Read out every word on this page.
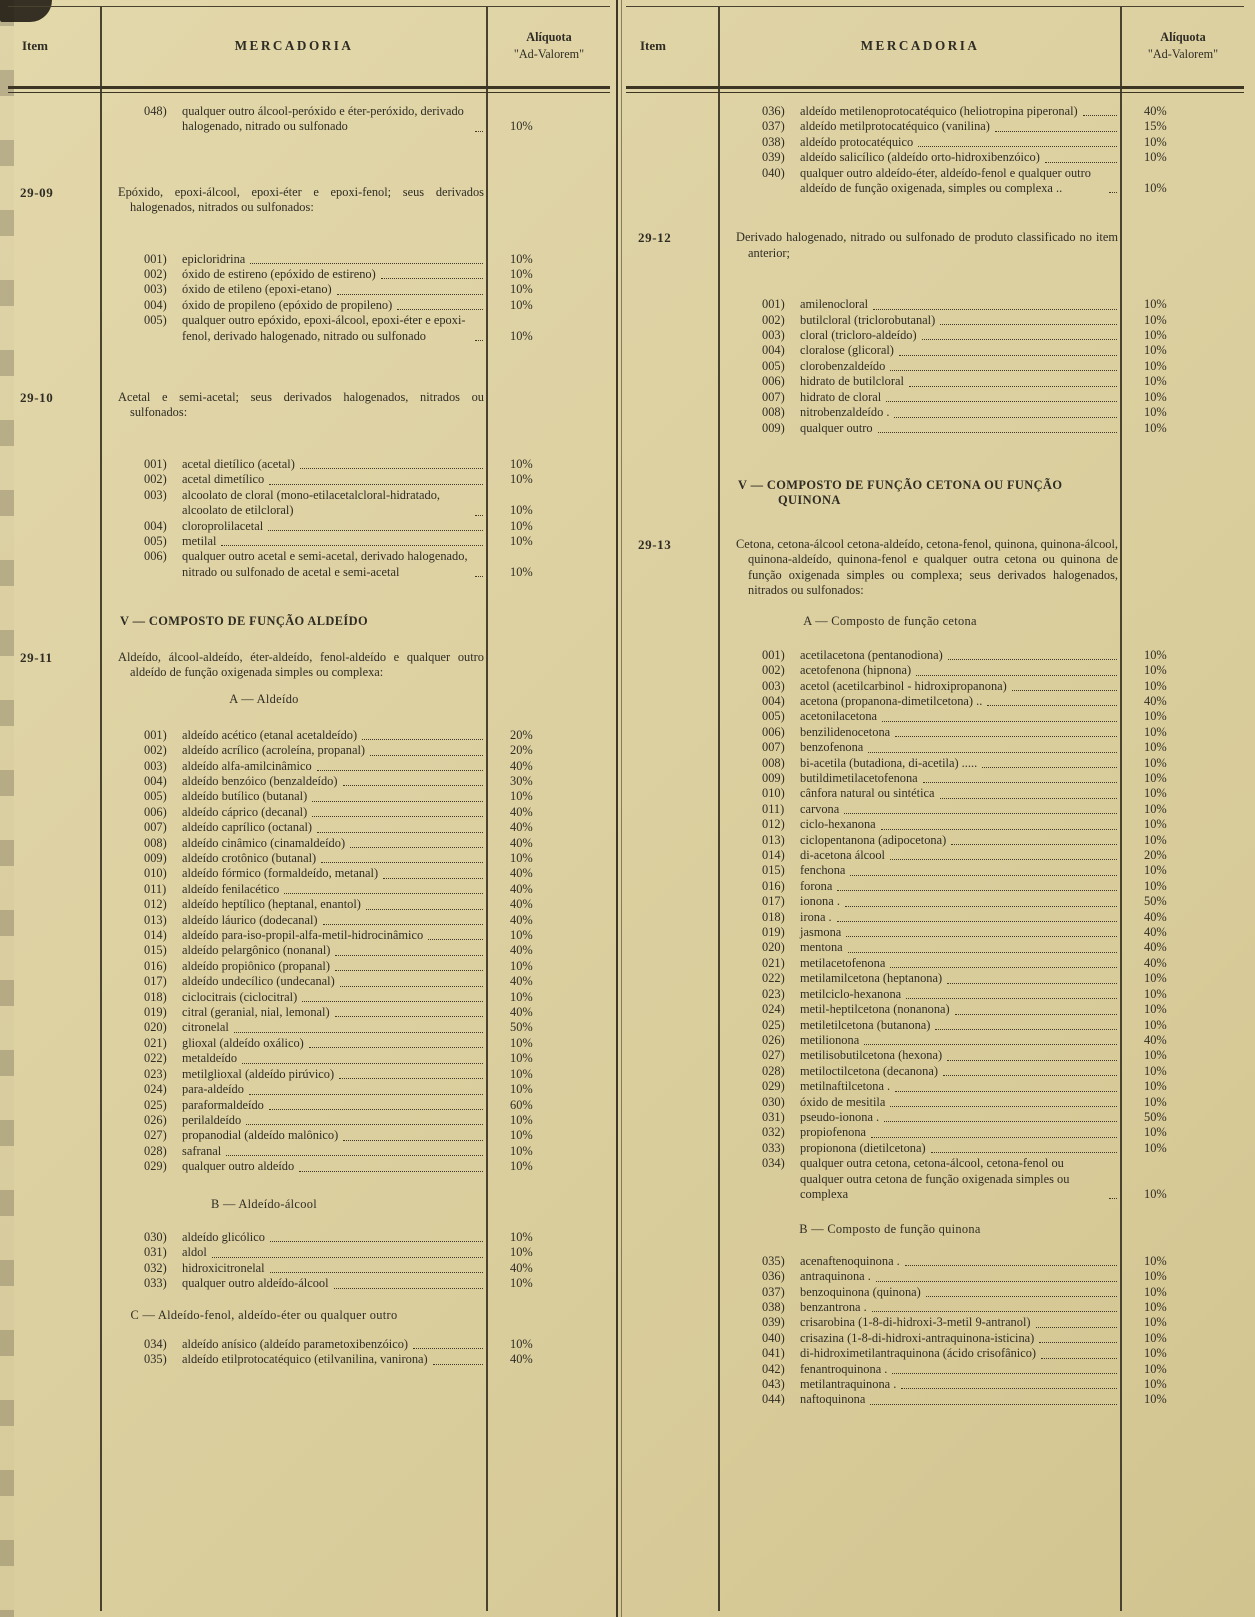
Item	MERCADORIA
Alíquota
"Ad-Valorem"
048)	qualquer outro álcool-peróxido e éter-peróxido, derivado halogenado, nitrado ou sulfonado	10%
29-09	Epóxido, epoxi-álcool, epoxi-éter e epoxi-fenol; seus derivados halogenados, nitrados ou sulfonados:
001)	epicloridrina	10%
002)	óxido de estireno (epóxido de estireno)	10%
003)	óxido de etileno (epoxi-etano)	10%
004)	óxido de propileno (epóxido de propileno)	10%
005)	qualquer outro epóxido, epoxi-álcool, epoxi-éter e epoxi-fenol, derivado halogenado, nitrado ou sulfonado	10%
29-10	Acetal e semi-acetal; seus derivados halogenados, nitrados ou sulfonados:
001)	acetal dietílico (acetal)	10%
002)	acetal dimetílico	10%
003)	alcoolato de cloral (mono-etilacetalcloral-hidratado, alcoolato de etilcloral)	10%
004)	cloroprolilacetal	10%
005)	metilal	10%
006)	qualquer outro acetal e semi-acetal, derivado halogenado, nitrado ou sulfonado de acetal e semi-acetal	10%
V — COMPOSTO DE FUNÇÃO ALDEÍDO
29-11	Aldeído, álcool-aldeído, éter-aldeído, fenol-aldeído e qualquer outro aldeído de função oxigenada simples ou complexa:
A — Aldeído
001)	aldeído acético (etanal acetaldeído)	20%
002)	aldeído acrílico (acroleína, propanal)	20%
003)	aldeído alfa-amilcinâmico	40%
004)	aldeído benzóico (benzaldeído)	30%
005)	aldeído butílico (butanal)	10%
006)	aldeído cáprico (decanal)	40%
007)	aldeído caprílico (octanal)	40%
008)	aldeído cinâmico (cinamaldeído)	40%
009)	aldeído crotônico (butanal)	10%
010)	aldeído fórmico (formaldeído, metanal)	40%
011)	aldeído fenilacético	40%
012)	aldeído heptílico (heptanal, enantol)	40%
013)	aldeído láurico (dodecanal)	40%
014)	aldeído para-iso-propil-alfa-metil-hidrocinâmico	10%
015)	aldeído pelargônico (nonanal)	40%
016)	aldeído propiônico (propanal)	10%
017)	aldeído undecílico (undecanal)	40%
018)	ciclocitrais (ciclocitral)	10%
019)	citral (geranial, nial, lemonal)	40%
020)	citronelal	50%
021)	glioxal (aldeído oxálico)	10%
022)	metaldeído	10%
023)	metilglioxal (aldeído pirúvico)	10%
024)	para-aldeído	10%
025)	paraformaldeído	60%
026)	perilaldeído	10%
027)	propanodial (aldeído malônico)	10%
028)	safranal	10%
029)	qualquer outro aldeído	10%
B — Aldeído-álcool
030)	aldeído glicólico	10%
031)	aldol	10%
032)	hidroxicitronelal	40%
033)	qualquer outro aldeído-álcool	10%
C — Aldeído-fenol, aldeído-éter ou qualquer outro
034)	aldeído anísico (aldeído parametoxibenzóico)	10%
035)	aldeído etilprotocatéquico (etilvanilina, vanirona)	40%
Item	MERCADORIA
Alíquota
"Ad-Valorem"
036)	aldeído metilenoprotocatéquico (heliotropina piperonal)	40%
037)	aldeído metilprotocatéquico (vanilina)	15%
038)	aldeído protocatéquico	10%
039)	aldeído salicílico (aldeído orto-hidroxibenzóico)	10%
040)	qualquer outro aldeído-éter, aldeído-fenol e qualquer outro aldeído de função oxigenada, simples ou complexa ..	10%
29-12	Derivado halogenado, nitrado ou sulfonado de produto classificado no item anterior;
001)	amilenocloral	10%
002)	butilcloral (triclorobutanal)	10%
003)	cloral (tricloro-aldeído)	10%
004)	cloralose (glicoral)	10%
005)	clorobenzaldeído	10%
006)	hidrato de butilcloral	10%
007)	hidrato de cloral	10%
008)	nitrobenzaldeído .	10%
009)	qualquer outro	10%
V — COMPOSTO DE FUNÇÃO CETONA OU FUNÇÃO QUINONA
29-13	Cetona, cetona-álcool cetona-aldeído, cetona-fenol, quinona, quinona-álcool, quinona-aldeído, quinona-fenol e qualquer outra cetona ou quinona de função oxigenada simples ou complexa; seus derivados halogenados, nitrados ou sulfonados:
A — Composto de função cetona
001)	acetilacetona (pentanodiona)	10%
002)	acetofenona (hipnona)	10%
003)	acetol (acetilcarbinol - hidroxipropanona)	10%
004)	acetona (propanona-dimetilcetona) ..	40%
005)	acetonilacetona	10%
006)	benzilidenocetona	10%
007)	benzofenona	10%
008)	bi-acetila (butadiona, di-acetila) .....	10%
009)	butildimetilacetofenona	10%
010)	cânfora natural ou sintética	10%
011)	carvona	10%
012)	ciclo-hexanona	10%
013)	ciclopentanona (adipocetona)	10%
014)	di-acetona álcool	20%
015)	fenchona	10%
016)	forona	10%
017)	ionona .	50%
018)	irona .	40%
019)	jasmona	40%
020)	mentona	40%
021)	metilacetofenona	40%
022)	metilamilcetona (heptanona)	10%
023)	metilciclo-hexanona	10%
024)	metil-heptilcetona (nonanona)	10%
025)	metiletilcetona (butanona)	10%
026)	metilionona	40%
027)	metilisobutilcetona (hexona)	10%
028)	metiloctilcetona (decanona)	10%
029)	metilnaftilcetona .	10%
030)	óxido de mesitila	10%
031)	pseudo-ionona .	50%
032)	propiofenona	10%
033)	propionona (dietilcetona)	10%
034)	qualquer outra cetona, cetona-álcool, cetona-fenol ou qualquer outra cetona de função oxigenada simples ou complexa	10%
B — Composto de função quinona
035)	acenaftenoquinona .	10%
036)	antraquinona .	10%
037)	benzoquinona (quinona)	10%
038)	benzantrona .	10%
039)	crisarobina (1-8-di-hidroxi-3-metil 9-antranol)	10%
040)	crisazina (1-8-di-hidroxi-antraquinona-isticina)	10%
041)	di-hidroximetilantraquinona (ácido crisofânico)	10%
042)	fenantroquinona .	10%
043)	metilantraquinona .	10%
044)	naftoquinona	10%
